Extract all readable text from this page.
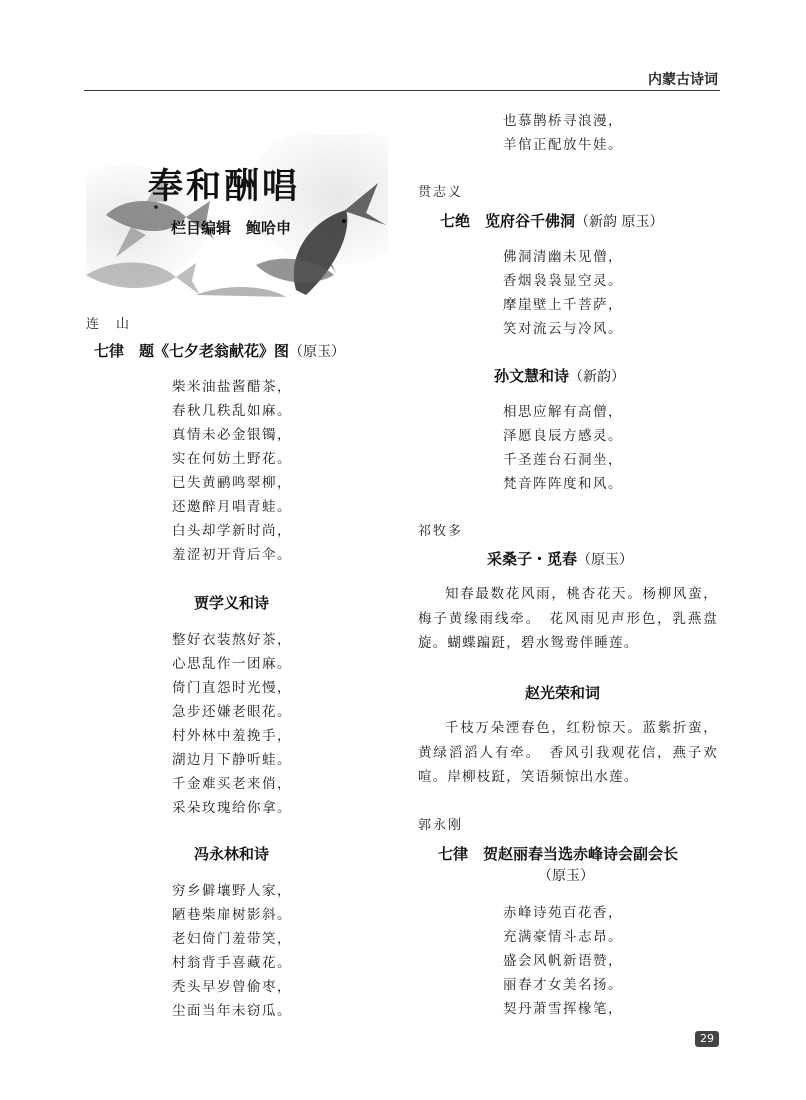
内蒙古诗词
奉和酬唱
栏目编辑　鲍哈申
连　山
七律　题《七夕老翁献花》图（原玉）
柴米油盐酱醋茶，
春秋几秩乱如麻。
真情未必金银镯，
实在何妨土野花。
已失黄鹂鸣翠柳，
还邀醉月唱青蛙。
白头却学新时尚，
羞涩初开背后伞。
贾学义和诗
整好衣装熬好茶，
心思乱作一团麻。
倚门直怨时光慢，
急步还嫌老眼花。
村外林中羞挽手，
湖边月下静听蛙。
千金难买老来俏，
采朵玫瑰给你拿。
冯永林和诗
穷乡僻壤野人家，
陋巷柴扉树影斜。
老妇倚门羞带笑，
村翁背手喜藏花。
秃头早岁曾偷枣，
尘面当年未窃瓜。
也慕鹊桥寻浪漫，
羊倌正配放牛娃。
贯志义
七绝　览府谷千佛洞（新韵 原玉）
佛洞清幽未见僧，
香烟袅袅显空灵。
摩崖壁上千菩萨，
笑对流云与冷风。
孙文慧和诗（新韵）
相思应解有高僧，
泽愿良辰方感灵。
千圣莲台石洞坐，
梵音阵阵度和风。
祁牧多
采桑子・觅春（原玉）
知春最数花风雨，桃杏花天。杨柳风蛮，梅子黄缘雨线牵。　花风雨见声形色，乳燕盘旋。蝴蝶蹁跹，碧水鸳鸯伴睡莲。
赵光荣和词
千枝万朵湮春色，红粉惊天。蓝紫折蛮，黄绿滔滔人有牵。　香风引我观花信，燕子欢喧。岸柳枝跹，笑语频惊出水莲。
郭永刚
七律　贺赵丽春当选赤峰诗会副会长
（原玉）
赤峰诗苑百花香，
充满豪情斗志昂。
盛会风帆新语赞，
丽春才女美名扬。
契丹萧雪挥椽笔，
29
